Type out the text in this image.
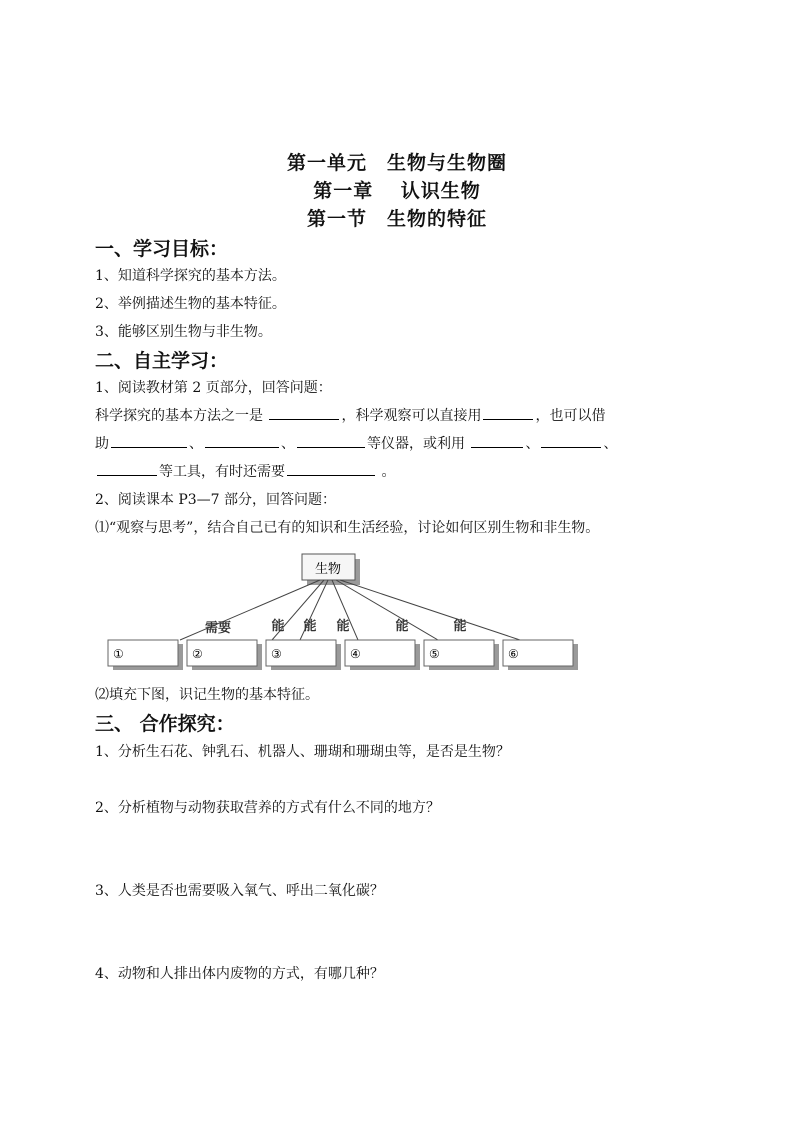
第一单元　生物与生物圈
第一章　 认识生物
第一节　生物的特征
一、学习目标：
1、知道科学探究的基本方法。
2、举例描述生物的基本特征。
3、能够区别生物与非生物。
二、自主学习：
1、阅读教材第 2 页部分，回答问题：
科学探究的基本方法之一是	，科学观察可以直接用	，也可以借
助	、	、	等仪器，或利用	、	、
等工具，有时还需要	。
2、阅读课本 P3—7 部分，回答问题：
⑴“观察与思考”，结合自己已有的知识和生活经验，讨论如何区别生物和非生物。
生物
需要	能 能 能	能	能
①	②	③	④	⑤	⑥
⑵填充下图，识记生物的基本特征。
三、 合作探究：
1、分析生石花、钟乳石、机器人、珊瑚和珊瑚虫等，是否是生物？
2、分析植物与动物获取营养的方式有什么不同的地方？
3、人类是否也需要吸入氧气、呼出二氧化碳？
4、动物和人排出体内废物的方式，有哪几种？
